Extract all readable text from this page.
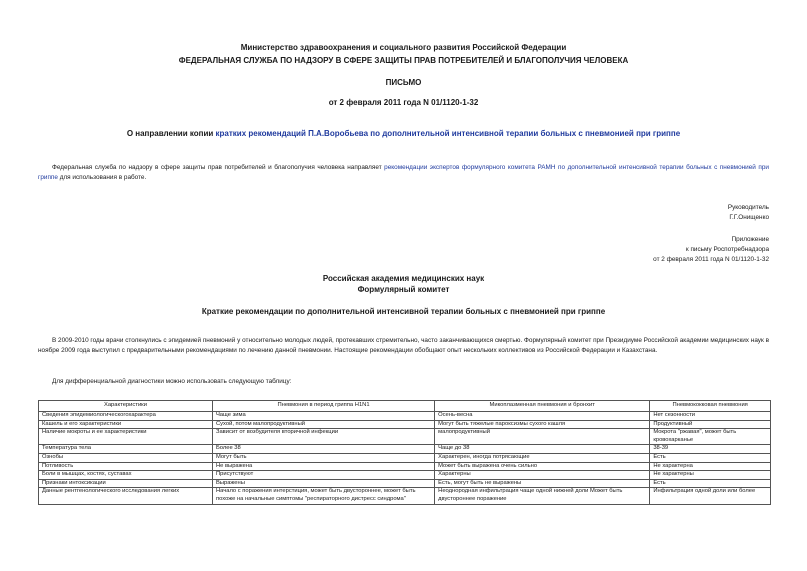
Министерство здравоохранения и социального развития Российской Федерации
ФЕДЕРАЛЬНАЯ СЛУЖБА ПО НАДЗОРУ В СФЕРЕ ЗАЩИТЫ ПРАВ ПОТРЕБИТЕЛЕЙ И БЛАГОПОЛУЧИЯ ЧЕЛОВЕКА
ПИСЬМО
от 2 февраля 2011 года N 01/1120-1-32
О направлении копии кратких рекомендаций П.А.Воробьева по дополнительной интенсивной терапии больных с пневмонией при гриппе
Федеральная служба по надзору в сфере защиты прав потребителей и благополучия человека направляет рекомендации экспертов формулярного комитета РАМН по дополнительной интенсивной терапии больных с пневмонией при гриппе для использования в работе.
Руководитель
Г.Г.Онищенко
Приложение
к письму Роспотребнадзора
от 2 февраля 2011 года N 01/1120-1-32
Российская академия медицинских наук
Формулярный комитет
Краткие рекомендации по дополнительной интенсивной терапии больных с пневмонией при гриппе
В 2009-2010 годы врачи столкнулись с эпидемией пневмоний у относительно молодых людей, протекавших стремительно, часто заканчивающихся смертью. Формулярный комитет при Президиуме Российской академии медицинских наук в ноябре 2009 года выступил с предварительными рекомендациями по лечению данной пневмонии. Настоящие рекомендации обобщают опыт нескольких коллективов из Российской Федерации и Казахстана.
Для дифференциальной диагностики можно использовать следующую таблицу:
Характеристики	Пневмония в период гриппа H1N1	Микоплазменная пневмония и бронхит	Пневмококковая пневмония
Сведения эпидемиологическогохарактера	Чаще зима	Осень-весна	Нет сезонности
Кашель и его характеристики	Сухой, потом малопродуктивный	Могут быть тяжелые пароксизмы сухого кашля	Продуктивный
Наличие мокроты и ее характеристики	Зависит от возбудителя вторичной инфекции	малопродуктивный	Мокрота "ржавая", может быть кровохарканье
Температура тела	Более 38	Чаще до 38	38-39
Ознобы	Могут быть	Характерен, иногда потрясающие	Есть
Потливость	Не выражена	Может быть выражена очень сильно	Не характерна
Боли в мышцах, костях, суставах	Присутствуют	Характерны	Не характерны
Признаки интоксикации	Выражены	Есть, могут быть не выражены	Есть
Данные рентгенологического исследования легких	Начало с поражения интерстиция, может быть двустороннее, может быть похоже на начальные симптомы "респираторного дистресс синдрома"	Неоднородная инфильтрация чаще одной нижней доли Может быть двустороннее поражение	Инфильтрация одной доли или более
